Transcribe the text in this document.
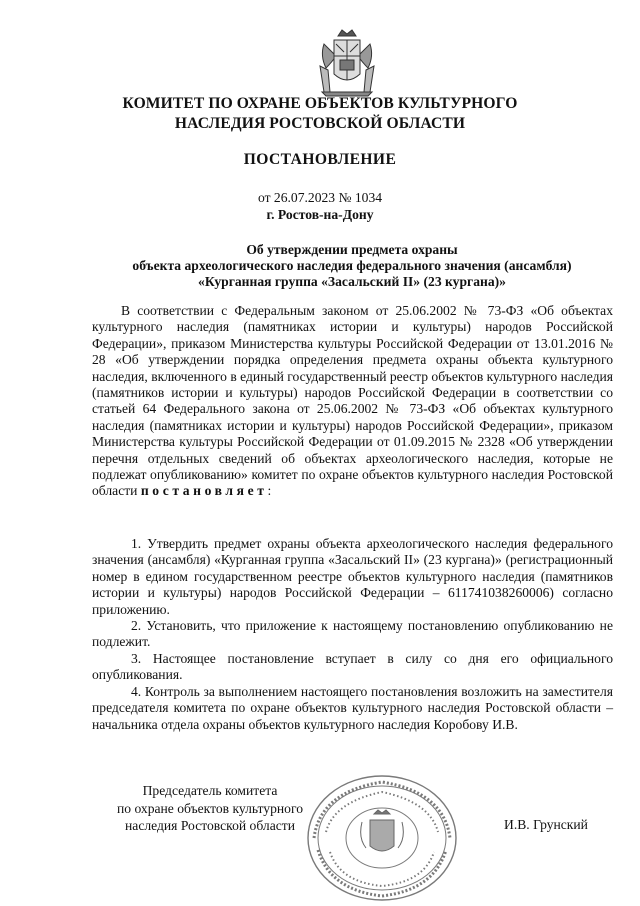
КОМИТЕТ ПО ОХРАНЕ ОБЪЕКТОВ КУЛЬТУРНОГО
НАСЛЕДИЯ РОСТОВСКОЙ ОБЛАСТИ
ПОСТАНОВЛЕНИЕ
от 26.07.2023 № 1034
г. Ростов-на-Дону
Об утверждении предмета охраны
объекта археологического наследия федерального значения (ансамбля)
«Курганная группа «Засальский II» (23 кургана)»

В соответствии с Федеральным законом от 25.06.2002 № 73-ФЗ «Об объектах культурного наследия (памятниках истории и культуры) народов Российской Федерации», приказом Министерства культуры Российской Федерации от 13.01.2016 № 28 «Об утверждении порядка определения предмета охраны объекта культурного наследия, включенного в единый государственный реестр объектов культурного наследия (памятников истории и культуры) народов Российской Федерации в соответствии со статьей 64 Федерального закона от 25.06.2002 № 73-ФЗ «Об объектах культурного наследия (памятниках истории и культуры) народов Российской Федерации», приказом Министерства культуры Российской Федерации от 01.09.2015 № 2328 «Об утверждении перечня отдельных сведений об объектах археологического наследия, которые не подлежат опубликованию» комитет по охране объектов культурного наследия Ростовской области постановляет:

1. Утвердить предмет охраны объекта археологического наследия федерального значения (ансамбля) «Курганная группа «Засальский II» (23 кургана)» (регистрационный номер в едином государственном реестре объектов культурного наследия (памятников истории и культуры) народов Российской Федерации – 611741038260006) согласно приложению.

2. Установить, что приложение к настоящему постановлению опубликованию не подлежит.

3. Настоящее постановление вступает в силу со дня его официального опубликования.

4. Контроль за выполнением настоящего постановления возложить на заместителя председателя комитета по охране объектов культурного наследия Ростовской области – начальника отдела охраны объектов культурного наследия Коробову И.В.

Председатель комитета
по охране объектов культурного
наследия Ростовской области	И.В. Грунский
